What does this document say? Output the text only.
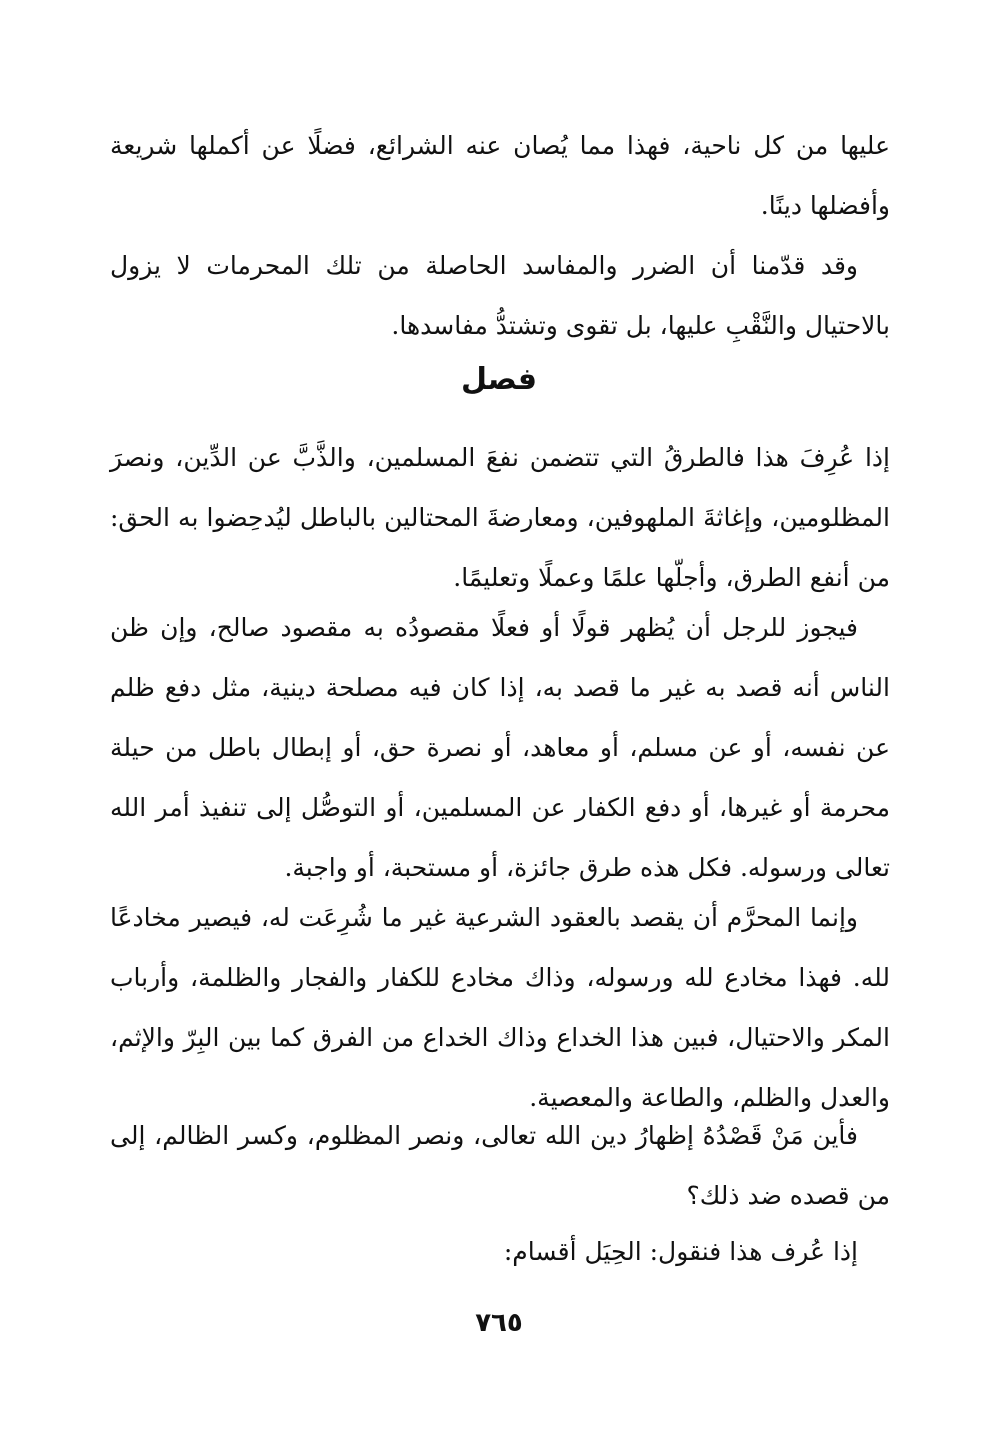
عليها من كل ناحية، فهذا مما يُصان عنه الشرائع، فضلًا عن أكملها شريعة وأفضلها دينًا.

وقد قدّمنا أن الضرر والمفاسد الحاصلة من تلك المحرمات لا يزول بالاحتيال والنَّقْبِ عليها، بل تقوى وتشتدُّ مفاسدها.

فصل

إذا عُرِفَ هذا فالطرقُ التي تتضمن نفعَ المسلمين، والذَّبَّ عن الدِّين، ونصرَ المظلومين، وإغاثةَ الملهوفين، ومعارضةَ المحتالين بالباطل ليُدحِضوا به الحق: من أنفع الطرق، وأجلّها علمًا وعملًا وتعليمًا.

فيجوز للرجل أن يُظهر قولًا أو فعلًا مقصودُه به مقصود صالح، وإن ظن الناس أنه قصد به غير ما قصد به، إذا كان فيه مصلحة دينية، مثل دفع ظلم عن نفسه، أو عن مسلم، أو معاهد، أو نصرة حق، أو إبطال باطل من حيلة محرمة أو غيرها، أو دفع الكفار عن المسلمين، أو التوصُّل إلى تنفيذ أمر الله تعالى ورسوله. فكل هذه طرق جائزة، أو مستحبة، أو واجبة.

وإنما المحرَّم أن يقصد بالعقود الشرعية غير ما شُرِعَت له، فيصير مخادعًا لله. فهذا مخادع لله ورسوله، وذاك مخادع للكفار والفجار والظلمة، وأرباب المكر والاحتيال، فبين هذا الخداع وذاك الخداع من الفرق كما بين البِرّ والإثم، والعدل والظلم، والطاعة والمعصية.

فأين مَنْ قَصْدُهُ إظهارُ دين الله تعالى، ونصر المظلوم، وكسر الظالم، إلى من قصده ضد ذلك؟

إذا عُرف هذا فنقول: الحِيَل أقسام:

٧٦٥
